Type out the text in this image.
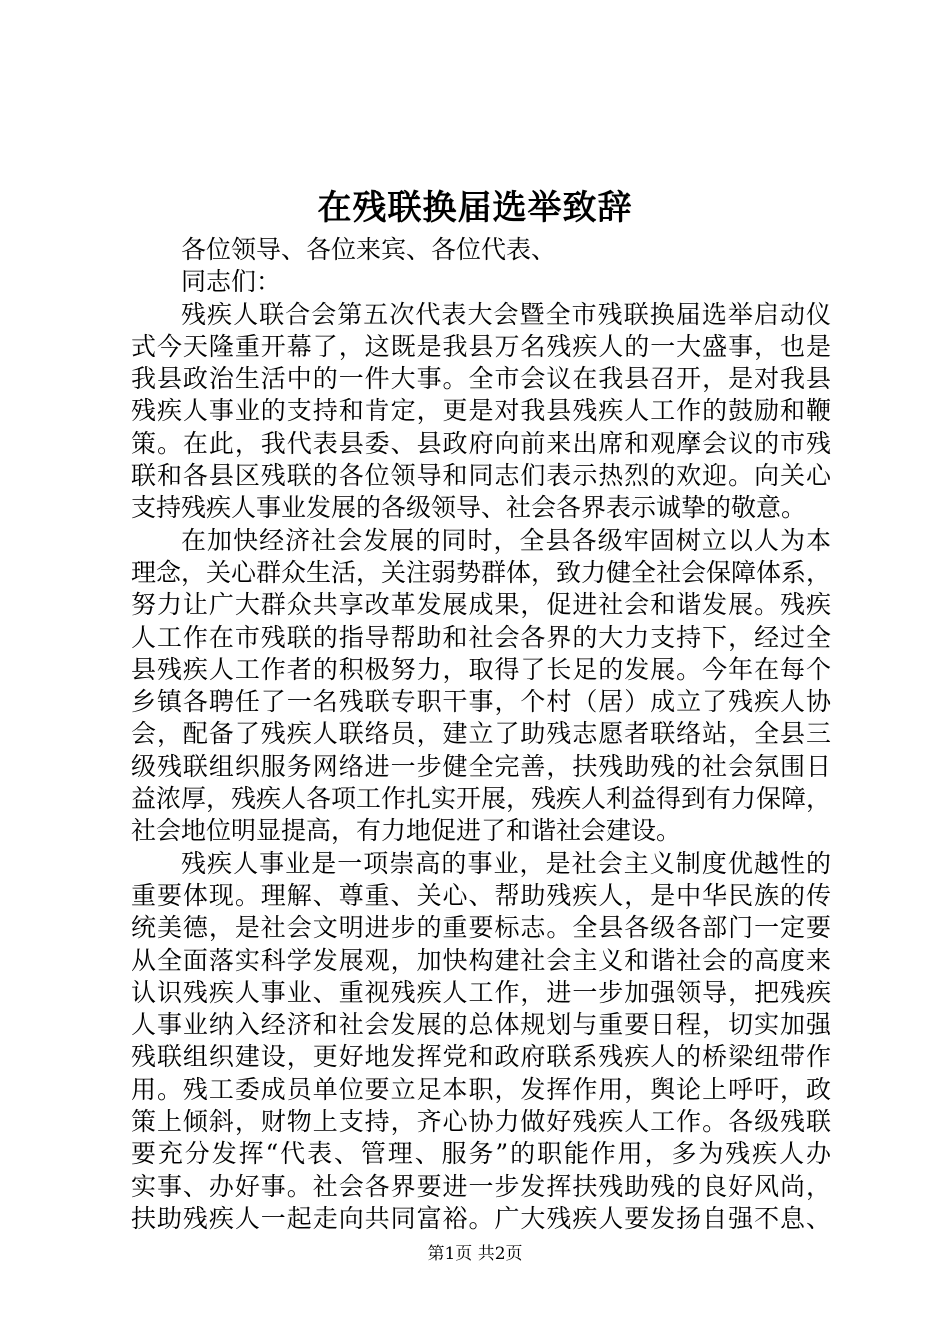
在残联换届选举致辞
各位领导、各位来宾、各位代表、
同志们：
残疾人联合会第五次代表大会暨全市残联换届选举启动仪
式今天隆重开幕了，这既是我县万名残疾人的一大盛事，也是
我县政治生活中的一件大事。全市会议在我县召开，是对我县
残疾人事业的支持和肯定，更是对我县残疾人工作的鼓励和鞭
策。在此，我代表县委、县政府向前来出席和观摩会议的市残
联和各县区残联的各位领导和同志们表示热烈的欢迎。向关心
支持残疾人事业发展的各级领导、社会各界表示诚挚的敬意。
在加快经济社会发展的同时，全县各级牢固树立以人为本
理念，关心群众生活，关注弱势群体，致力健全社会保障体系，
努力让广大群众共享改革发展成果，促进社会和谐发展。残疾
人工作在市残联的指导帮助和社会各界的大力支持下，经过全
县残疾人工作者的积极努力，取得了长足的发展。今年在每个
乡镇各聘任了一名残联专职干事，个村（居）成立了残疾人协
会，配备了残疾人联络员，建立了助残志愿者联络站，全县三
级残联组织服务网络进一步健全完善，扶残助残的社会氛围日
益浓厚，残疾人各项工作扎实开展，残疾人利益得到有力保障，
社会地位明显提高，有力地促进了和谐社会建设。
残疾人事业是一项崇高的事业，是社会主义制度优越性的
重要体现。理解、尊重、关心、帮助残疾人，是中华民族的传
统美德，是社会文明进步的重要标志。全县各级各部门一定要
从全面落实科学发展观，加快构建社会主义和谐社会的高度来
认识残疾人事业、重视残疾人工作，进一步加强领导，把残疾
人事业纳入经济和社会发展的总体规划与重要日程，切实加强
残联组织建设，更好地发挥党和政府联系残疾人的桥梁纽带作
用。残工委成员单位要立足本职，发挥作用，舆论上呼吁，政
策上倾斜，财物上支持，齐心协力做好残疾人工作。各级残联
要充分发挥“代表、管理、服务”的职能作用，多为残疾人办
实事、办好事。社会各界要进一步发挥扶残助残的良好风尚，
扶助残疾人一起走向共同富裕。广大残疾人要发扬自强不息、
第1页 共2页
